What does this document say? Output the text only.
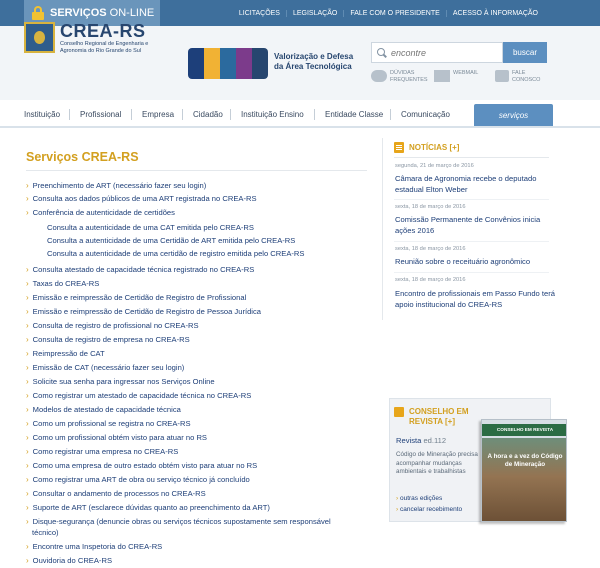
SERVIÇOS ON-LINE	LICITAÇÕES	LEGISLAÇÃO	FALE COM O PRESIDENTE	ACESSO À INFORMAÇÃO
CREA-RS
Conselho Regional de Engenharia e Agronomia do Rio Grande do Sul
Valorização e Defesa
da Área Tecnológica
encontre
buscar
DÚVIDAS
FREQUENTES
WEBMAIL	FALE
CONOSCO
Instituição Profissional	Empresa Cidadão Instituição Ensino	Entidade Classe Comunicação	serviços
Serviços CREA-RS
› Preenchimento de ART (necessário fazer seu login)
› Consulta aos dados públicos de uma ART registrada no CREA-RS
› Conferência de autenticidade de certidões
Consulta a autenticidade de uma CAT emitida pelo CREA-RS
Consulta a autenticidade de uma Certidão de ART emitida pelo CREA-RS
Consulta a autenticidade de uma certidão de registro emitida pelo CREA-RS
› Consulta atestado de capacidade técnica registrado no CREA-RS
› Taxas do CREA-RS
› Emissão e reimpressão de Certidão de Registro de Profissional
› Emissão e reimpressão de Certidão de Registro de Pessoa Jurídica
› Consulta de registro de profissional no CREA-RS
› Consulta de registro de empresa no CREA-RS
› Reimpressão de CAT
› Emissão de CAT (necessário fazer seu login)
› Solicite sua senha para ingressar nos Serviços Online
› Como registrar um atestado de capacidade técnica no CREA-RS
› Modelos de atestado de capacidade técnica
› Como um profissional se registra no CREA-RS
› Como um profissional obtém visto para atuar no RS
› Como registrar uma empresa no CREA-RS
› Como uma empresa de outro estado obtém visto para atuar no RS
› Como registrar uma ART de obra ou serviço técnico já concluído
› Consultar o andamento de processos no CREA-RS
› Suporte de ART (esclarece dúvidas quanto ao preenchimento da ART)
› Disque-segurança (denuncie obras ou serviços técnicos supostamente sem responsável
técnico)
› Encontre uma Inspetoria do CREA-RS
› Ouvidoria do CREA-RS
NOTÍCIAS [+]
segunda, 21 de março de 2016
Câmara de Agronomia recebe o deputado estadual Elton Weber
sexta, 18 de março de 2016
Comissão Permanente de Convênios inicia ações 2016
sexta, 18 de março de 2016
Reunião sobre o receituário agronômico
sexta, 18 de março de 2016
Encontro de profissionais em Passo Fundo terá apoio institucional do CREA-RS
CONSELHO EM REVISTA [+]
Revista ed.112
Código de Mineração precisa acompanhar mudanças ambientais e trabalhistas
› outras edições
› cancelar recebimento
CONSELHO EM REVISTA
A hora e a vez do Código de Mineração
